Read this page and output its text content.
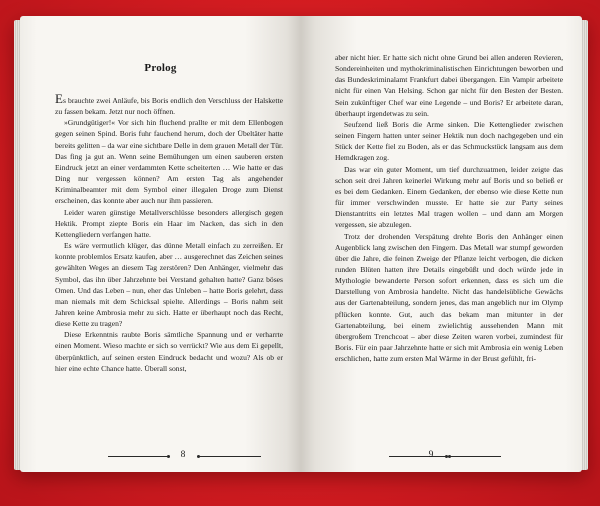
Prolog

Es brauchte zwei Anläufe, bis Boris endlich den Verschluss der Halskette zu fassen bekam. Jetzt nur noch öffnen.

»Grundgütiger!« Vor sich hin fluchend prallte er mit dem Ellenbogen gegen seinen Spind. Boris fuhr fauchend herum, doch der Übeltäter hatte bereits gelitten – da war eine sichtbare Delle in dem grauen Metall der Tür. Das fing ja gut an. Wenn seine Bemühungen um einen sauberen ersten Eindruck jetzt an einer verdammten Kette scheiterten … Wie hatte er das Ding nur vergessen können? Am ersten Tag als angehender Kriminalbeamter mit dem Symbol einer illegalen Droge zum Dienst erscheinen, das konnte aber auch nur ihm passieren.

Leider waren günstige Metallverschlüsse besonders allergisch gegen Hektik. Prompt ziepte Boris ein Haar im Nacken, das sich in den Kettengliedern verfangen hatte.

Es wäre vermutlich klüger, das dünne Metall einfach zu zerreißen. Er konnte problemlos Ersatz kaufen, aber … ausgerechnet das Zeichen seines gewählten Weges an diesem Tag zerstören? Den Anhänger, vielmehr das Symbol, das ihn über Jahrzehnte bei Verstand gehalten hatte? Ganz böses Omen. Und das Leben – nun, eher das Unleben – hatte Boris gelehrt, dass man niemals mit dem Schicksal spielte. Allerdings – Boris nahm seit Jahren keine Ambrosia mehr zu sich. Hatte er überhaupt noch das Recht, diese Kette zu tragen?

Diese Erkenntnis raubte Boris sämtliche Spannung und er verharrte einen Moment. Wieso machte er sich so verrückt? Wie aus dem Ei gepellt, überpünktlich, auf seinen ersten Eindruck bedacht und wozu? Als ob er hier eine echte Chance hatte. Überall sonst,

8

aber nicht hier. Er hatte sich nicht ohne Grund bei allen anderen Revieren, Sondereinheiten und mythokriminalistischen Einrichtungen beworben und das Bundeskriminalamt Frankfurt dabei übergangen. Ein Vampir arbeitete nicht für einen Van Helsing. Schon gar nicht für den Besten der Besten. Sein zukünftiger Chef war eine Legende – und Boris? Er arbeitete daran, überhaupt irgendetwas zu sein.

Seufzend ließ Boris die Arme sinken. Die Kettenglieder zwischen seinen Fingern hatten unter seiner Hektik nun doch nachgegeben und ein Stück der Kette fiel zu Boden, als er das Schmuckstück langsam aus dem Hemdkragen zog.

Das war ein guter Moment, um tief durchzuatmen, leider zeigte das schon seit drei Jahren keinerlei Wirkung mehr auf Boris und so beließ er es bei dem Gedanken. Einem Gedanken, der ebenso wie diese Kette nun für immer verschwinden musste. Er hatte sie zur Party seines Dienstantritts ein letztes Mal tragen wollen – und dann am Morgen vergessen, sie abzulegen.

Trotz der drohenden Verspätung drehte Boris den Anhänger einen Augenblick lang zwischen den Fingern. Das Metall war stumpf geworden über die Jahre, die feinen Zweige der Pflanze leicht verbogen, die dicken runden Blüten hatten ihre Details eingebüßt und doch würde jede in Mythologie bewanderte Person sofort erkennen, dass es sich um die Darstellung von Ambrosia handelte. Nicht das handelsübliche Gewächs aus der Gartenabteilung, sondern jenes, das man angeblich nur im Olymp pflücken konnte. Gut, auch das bekam man mitunter in der Gartenabteilung, bei einem zwielichtig aussehenden Mann mit übergroßem Trenchcoat – aber diese Zeiten waren vorbei, zumindest für Boris. Für ein paar Jahrzehnte hatte er sich mit Ambrosia ein wenig Leben erschlichen, hatte zum ersten Mal Wärme in der Brust gefühlt, fri-

9
